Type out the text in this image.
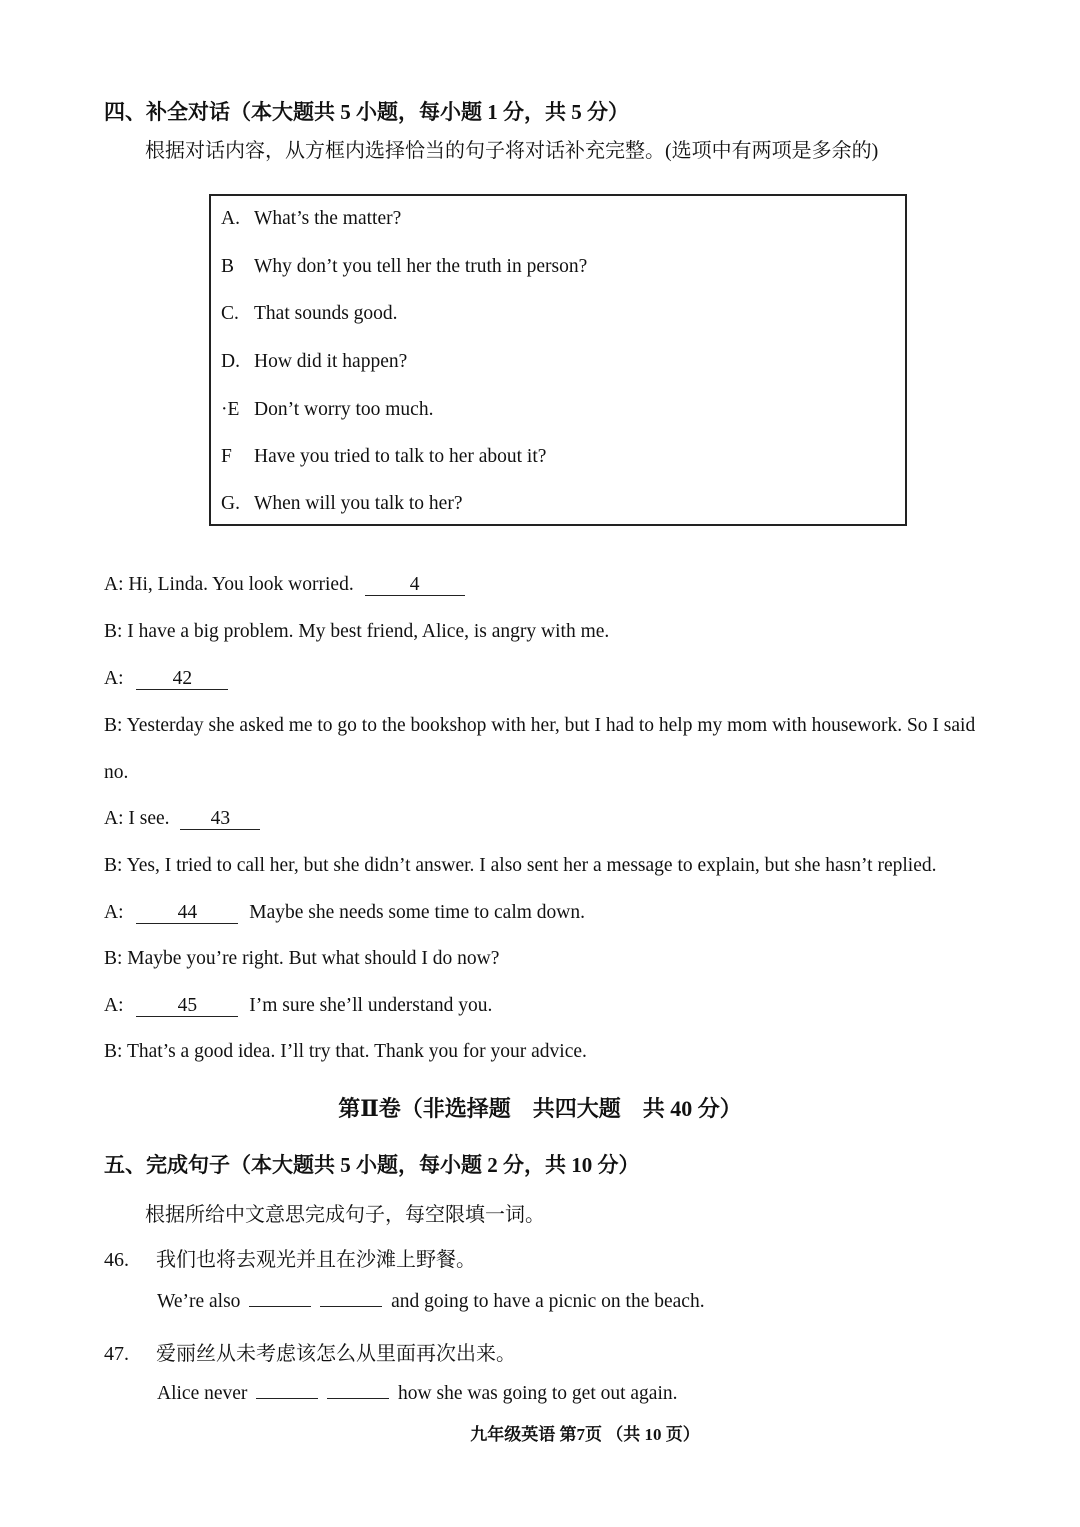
四、补全对话（本大题共 5 小题，每小题 1 分，共 5 分）
根据对话内容，从方框内选择恰当的句子将对话补充完整。(选项中有两项是多余的)
A. What’s the matter?
B Why don’t you tell her the truth in person?
C. That sounds good.
D. How did it happen?
·E Don’t worry too much.
F Have you tried to talk to her about it?
G. When will you talk to her?
A: Hi, Linda. You look worried.	4
B: I have a big problem. My best friend, Alice, is angry with me.
A:	42
B: Yesterday she asked me to go to the bookshop with her, but I had to help my mom with housework. So I said
no.
A: I see. 43
B: Yes, I tried to call her, but she didn’t answer. I also sent her a message to explain, but she hasn’t replied.
A:	44	Maybe she needs some time to calm down.
B: Maybe you’re right. But what should I do now?
A:	45	I’m sure she’ll understand you.
B: That’s a good idea. I’ll try that. Thank you for your advice.
第Ⅱ卷（非选择题　共四大题　共 40 分）
五、完成句子（本大题共 5 小题，每小题 2 分，共 10 分）
根据所给中文意思完成句子，每空限填一词。
46. 我们也将去观光并且在沙滩上野餐。
We’re also	and going to have a picnic on the beach.
47. 爱丽丝从未考虑该怎么从里面再次出来。
Alice never	how she was going to get out again.
九年级英语 第7页 （共 10 页）
